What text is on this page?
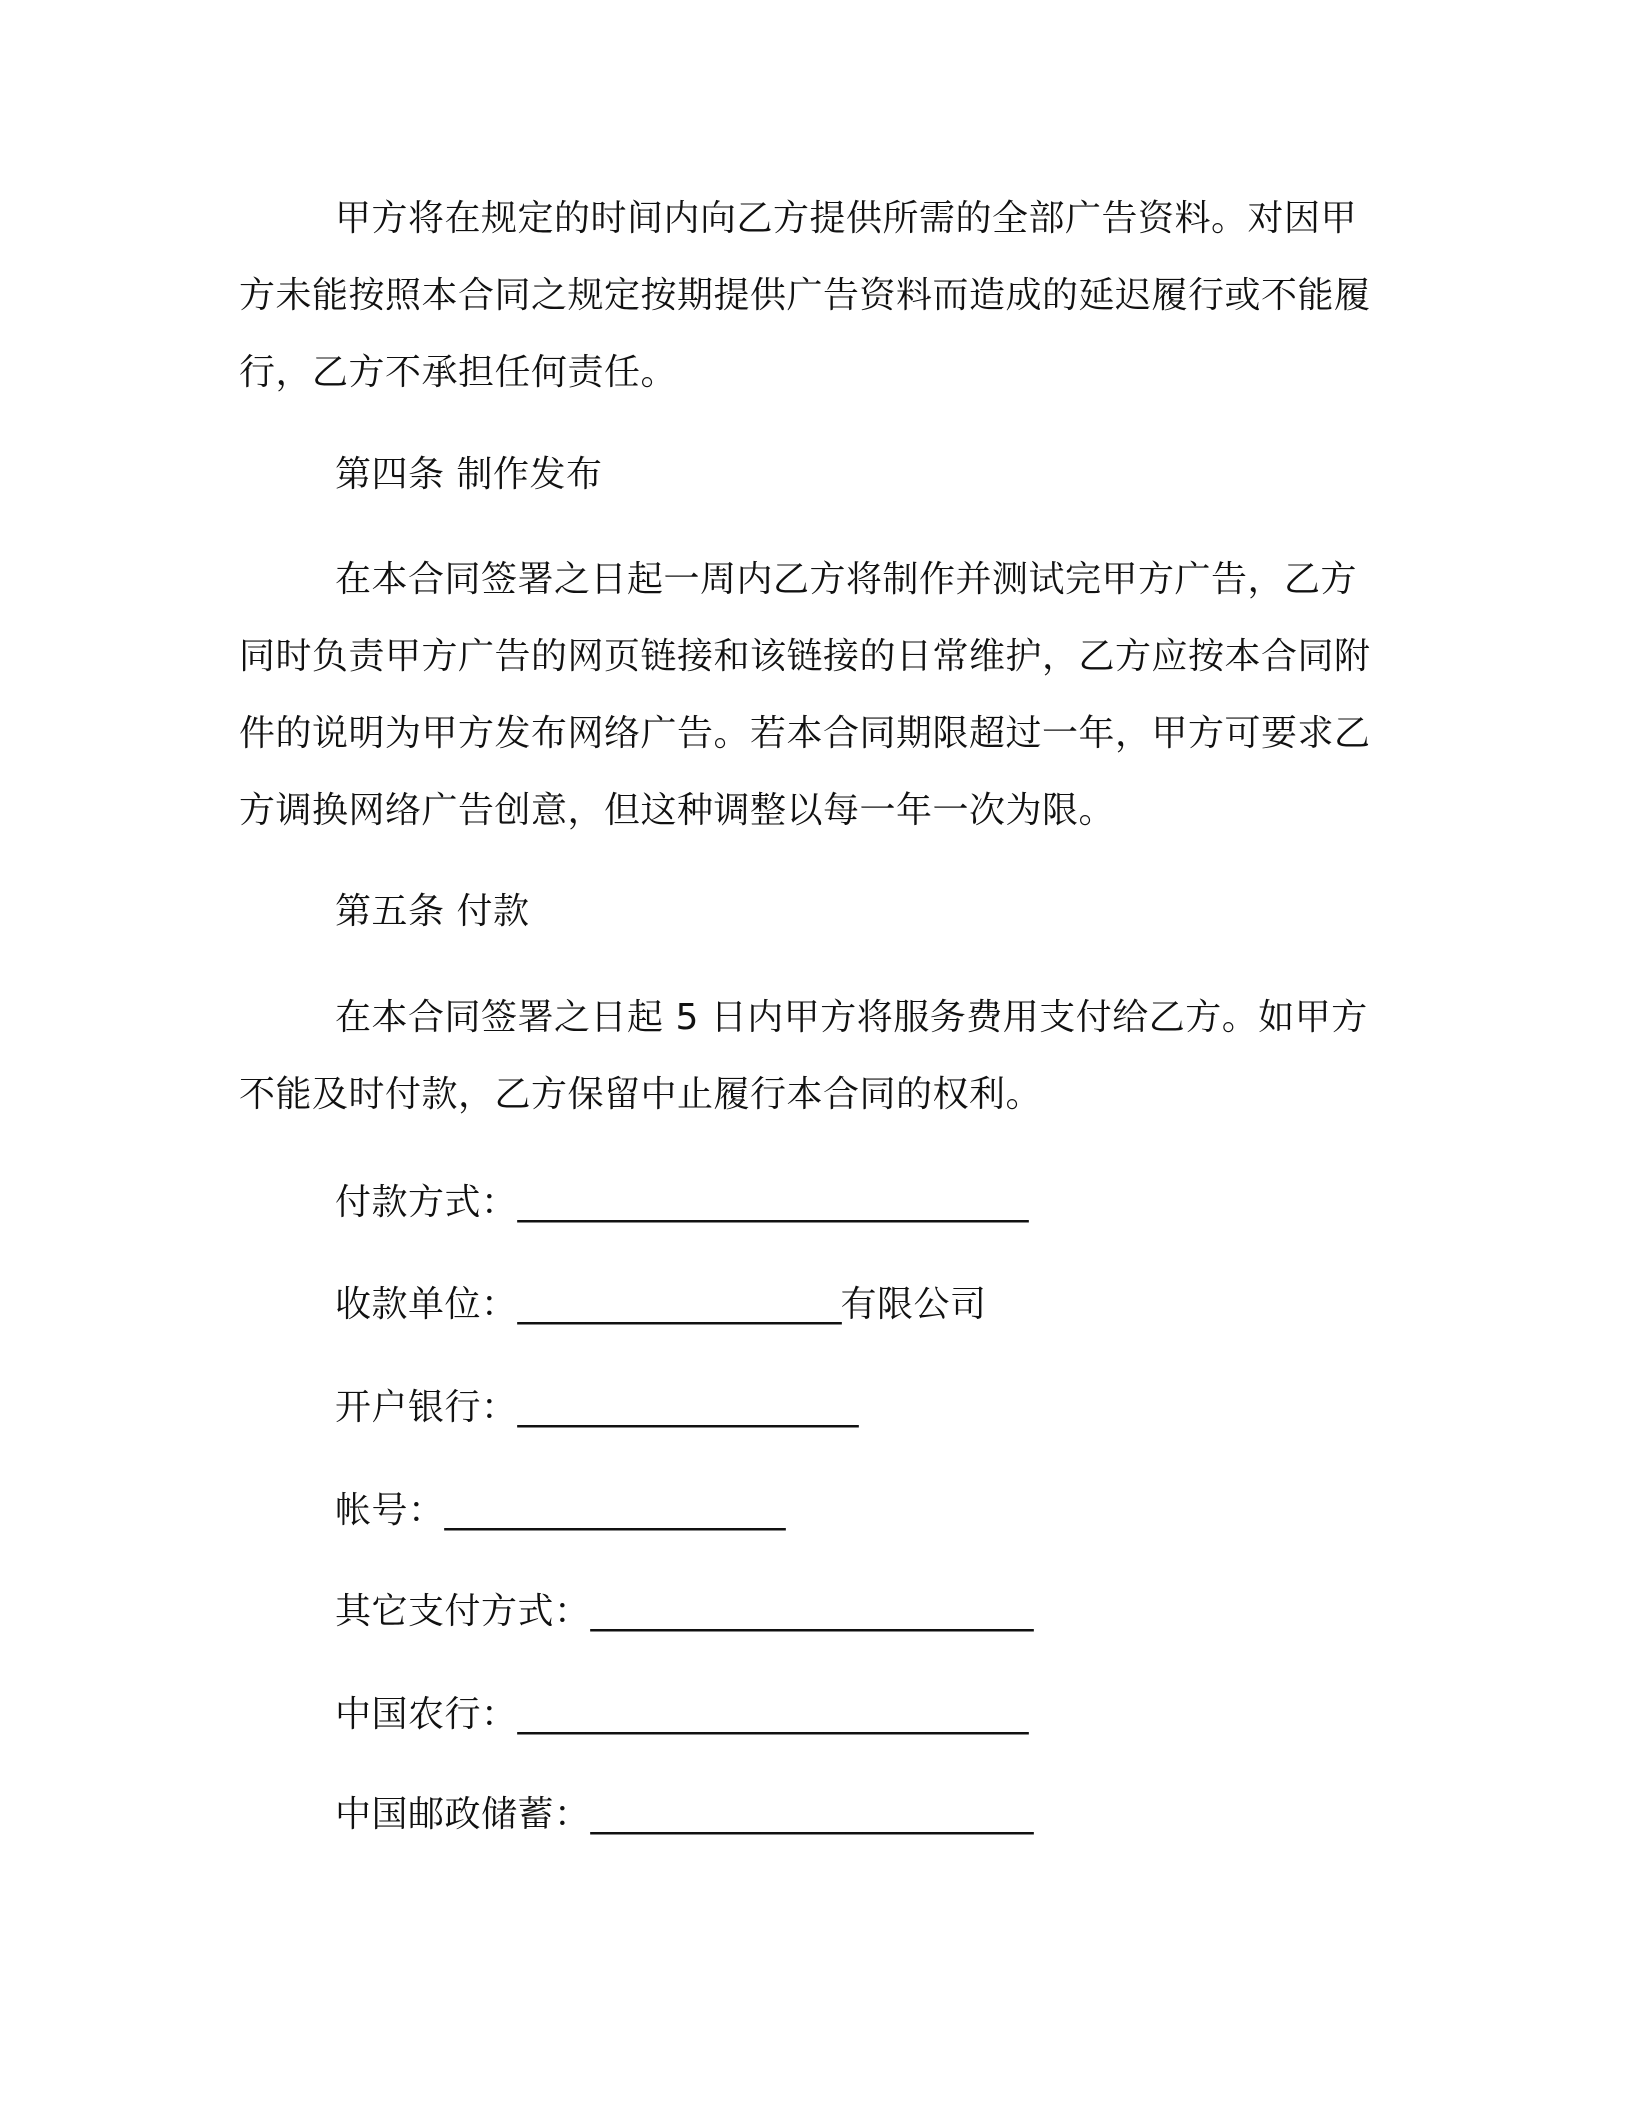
甲方将在规定的时间内向乙方提供所需的全部广告资料。对因甲方未能按照本合同之规定按期提供广告资料而造成的延迟履行或不能履行，乙方不承担任何责任。

第四条 制作发布

在本合同签署之日起一周内乙方将制作并测试完甲方广告，乙方同时负责甲方广告的网页链接和该链接的日常维护，乙方应按本合同附件的说明为甲方发布网络广告。若本合同期限超过一年，甲方可要求乙方调换网络广告创意，但这种调整以每一年一次为限。

第五条 付款

在本合同签署之日起 5 日内甲方将服务费用支付给乙方。如甲方不能及时付款，乙方保留中止履行本合同的权利。

付款方式：______________________________

收款单位：___________________有限公司

开户银行：____________________

帐号：____________________

其它支付方式：__________________________

中国农行：______________________________

中国邮政储蓄：__________________________
